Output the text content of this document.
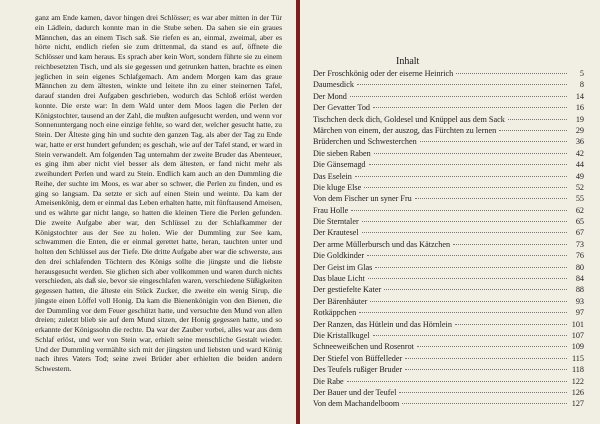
ganz am Ende kamen, davor hingen drei Schlösser; es war aber mitten in der Tür ein Lädlein, dadurch konnte man in die Stube sehen. Da sahen sie ein graues Männchen, das an einem Tisch saß. Sie riefen es an, einmal, zweimal, aber es hörte nicht, endlich riefen sie zum drittenmal, da stand es auf, öffnete die Schlösser und kam heraus. Es sprach aber kein Wort, sondern führte sie zu einem reichbesetzten Tisch, und als sie gegessen und getrunken hatten, brachte es einen jeglichen in sein eigenes Schlafgemach. Am andern Morgen kam das graue Männchen zu dem ältesten, winkte und leitete ihn zu einer steinernen Tafel, darauf standen drei Aufgaben geschrieben, wodurch das Schloß erlöst werden konnte. Die erste war: In dem Wald unter dem Moos lagen die Perlen der Königstochter, tausend an der Zahl, die mußten aufgesucht werden, und wenn vor Sonnenuntergang noch eine einzige fehlte, so ward der, welcher gesucht hatte, zu Stein. Der Älteste ging hin und suchte den ganzen Tag, als aber der Tag zu Ende war, hatte er erst hundert gefunden; es geschah, wie auf der Tafel stand, er ward in Stein verwandelt. Am folgenden Tag unternahm der zweite Bruder das Abenteuer, es ging ihm aber nicht viel besser als dem ältesten, er fand nicht mehr als zweihundert Perlen und ward zu Stein. Endlich kam auch an den Dummling die Reihe, der suchte im Moos, es war aber so schwer, die Perlen zu finden, und es ging so langsam. Da setzte er sich auf einen Stein und weinte. Da kam der Ameisenkönig, dem er einmal das Leben erhalten hatte, mit fünftausend Ameisen, und es währte gar nicht lange, so hatten die kleinen Tiere die Perlen gefunden. Die zweite Aufgabe aber war, den Schlüssel zu der Schlafkammer der Königstochter aus der See zu holen. Wie der Dummling zur See kam, schwammen die Enten, die er einmal gerettet hatte, heran, tauchten unter und holten den Schlüssel aus der Tiefe. Die dritte Aufgabe aber war die schwerste, aus den drei schlafenden Töchtern des Königs sollte die jüngste und die liebste herausgesucht werden. Sie glichen sich aber vollkommen und waren durch nichts verschieden, als daß sie, bevor sie eingeschlafen waren, verschiedene Süßigkeiten gegessen hatten, die älteste ein Stück Zucker, die zweite ein wenig Sirup, die jüngste einen Löffel voll Honig. Da kam die Bienenkönigin von den Bienen, die der Dummling vor dem Feuer geschützt hatte, und versuchte den Mund von allen dreien; zuletzt blieb sie auf dem Mund sitzen, der Honig gegessen hatte, und so erkannte der Königssohn die rechte. Da war der Zauber vorbei, alles war aus dem Schlaf erlöst, und wer von Stein war, erhielt seine menschliche Gestalt wieder. Und der Dummling vermählte sich mit der jüngsten und liebsten und ward König nach ihres Vaters Tod; seine zwei Brüder aber erhielten die beiden andern Schwestern.

Inhalt
Der Froschkönig oder der eiserne Heinrich	5
Daumesdick	8
Der Mond	14
Der Gevatter Tod	16
Tischchen deck dich, Goldesel und Knüppel aus dem Sack	19
Märchen von einem, der auszog, das Fürchten zu lernen	29
Brüderchen und Schwesterchen	36
Die sieben Raben	42
Die Gänsemagd	44
Das Eselein	49
Die kluge Else	52
Von dem Fischer un syner Fru	55
Frau Holle	62
Die Sterntaler	65
Der Krautesel	67
Der arme Müllerbursch und das Kätzchen	73
Die Goldkinder	76
Der Geist im Glas	80
Das blaue Licht	84
Der gestiefelte Kater	88
Der Bärenhäuter	93
Rotkäppchen	97
Der Ranzen, das Hütlein und das Hörnlein	101
Die Kristallkugel	107
Schneeweißchen und Rosenrot	109
Der Stiefel von Büffelleder	115
Des Teufels rußiger Bruder	118
Die Rabe	122
Der Bauer und der Teufel	126
Von dem Machandelboom	127
